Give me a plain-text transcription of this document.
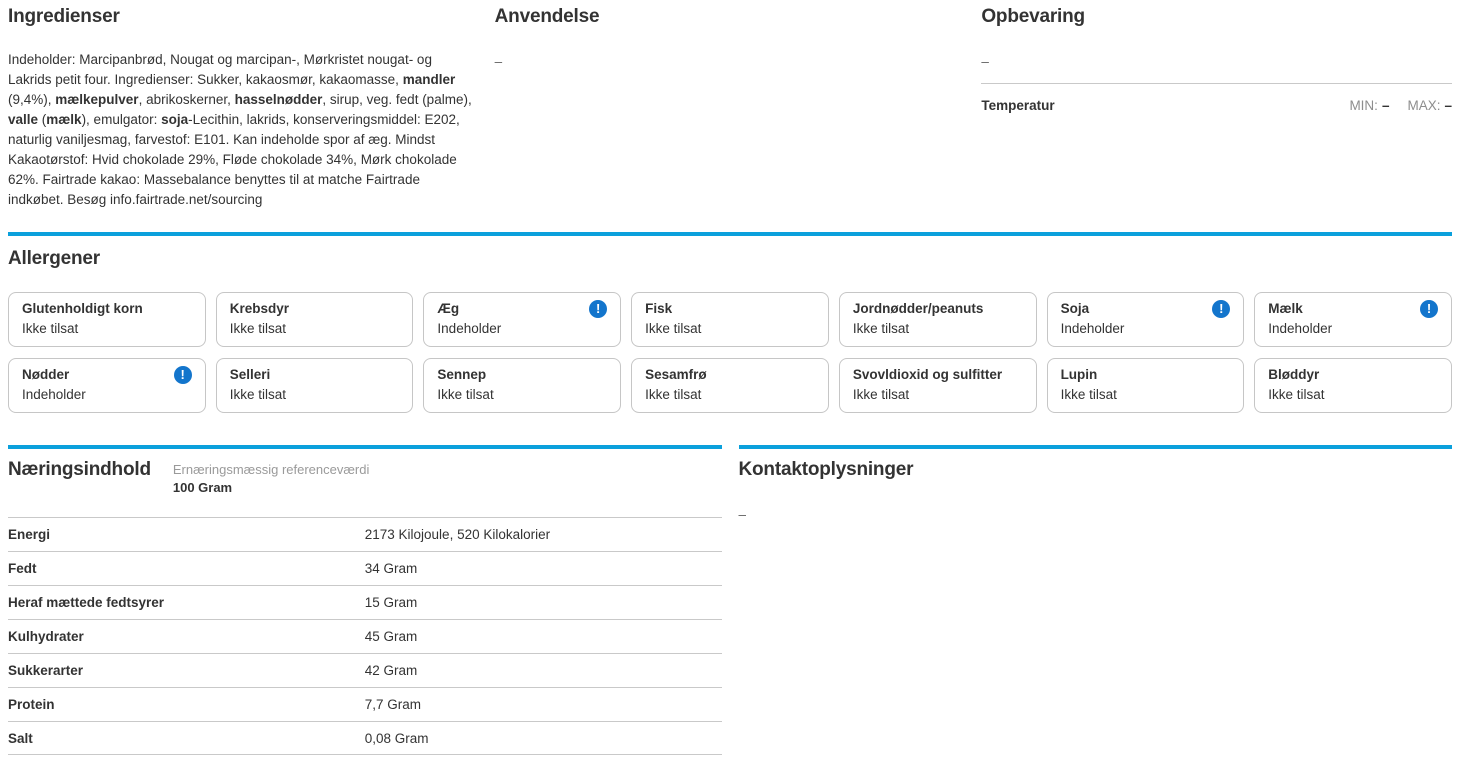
Ingredienser

Indeholder: Marcipanbrød, Nougat og marcipan-, Mørkristet nougat- og Lakrids petit four. Ingredienser: Sukker, kakaosmør, kakaomasse, mandler (9,4%), mælkepulver, abrikoskerner, hasselnødder, sirup, veg. fedt (palme), valle (mælk), emulgator: soja-Lecithin, lakrids, konserveringsmiddel: E202, naturlig vaniljesmag, farvestof: E101. Kan indeholde spor af æg. Mindst Kakaotørstof: Hvid chokolade 29%, Fløde chokolade 34%, Mørk chokolade 62%. Fairtrade kakao: Massebalance benyttes til at matche Fairtrade indkøbet. Besøg info.fairtrade.net/sourcing

Anvendelse

–

Opbevaring

–

Temperatur	MIN: – MAX: –
Allergener
Glutenholdigt korn
Ikke tilsat
Krebsdyr
Ikke tilsat
Æg	!
Indeholder
Fisk
Ikke tilsat
Jordnødder/peanuts
Ikke tilsat
Soja	!
Indeholder
Mælk	!
Indeholder
Nødder	!
Indeholder
Selleri
Ikke tilsat
Sennep
Ikke tilsat
Sesamfrø
Ikke tilsat
Svovldioxid og sulfitter
Ikke tilsat
Lupin
Ikke tilsat
Bløddyr
Ikke tilsat
Næringsindhold Ernæringsmæssig referenceværdi
100 Gram
Energi	2173 Kilojoule, 520 Kilokalorier
Fedt	34 Gram
Heraf mættede fedtsyrer	15 Gram
Kulhydrater	45 Gram
Sukkerarter	42 Gram
Protein	7,7 Gram
Salt	0,08 Gram
Kontaktoplysninger

–
